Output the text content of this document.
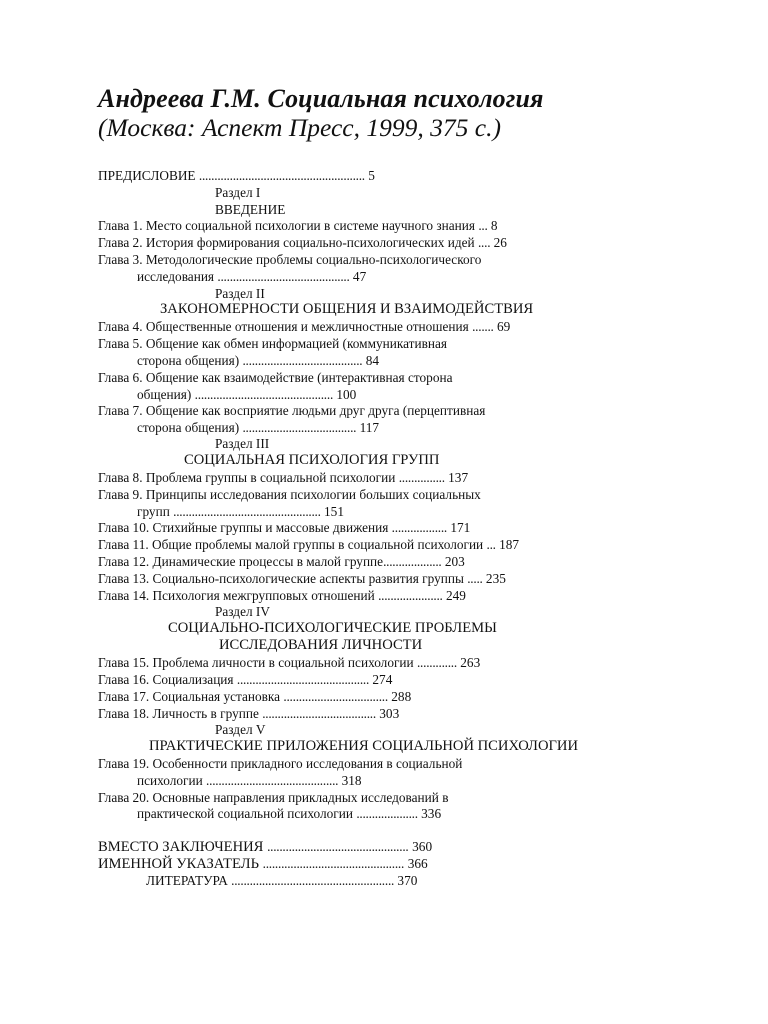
Андреева Г.М. Социальная психология
(Москва: Аспект Пресс, 1999, 375 с.)
ПРЕДИСЛОВИЕ ...................................................... 5
Раздел I
ВВЕДЕНИЕ
Глава 1. Место социальной психологии в системе научного знания ... 8
Глава 2. История формирования социально-психологических идей .... 26
Глава 3. Методологические проблемы социально-психологического
исследования ........................................... 47
Раздел II
ЗАКОНОМЕРНОСТИ ОБЩЕНИЯ И ВЗАИМОДЕЙСТВИЯ
Глава 4. Общественные отношения и межличностные отношения ....... 69
Глава 5. Общение как обмен информацией (коммуникативная
сторона общения) ....................................... 84
Глава 6. Общение как взаимодействие (интерактивная сторона
общения) ............................................. 100
Глава 7. Общение как восприятие людьми друг друга (перцептивная
сторона общения) ..................................... 117
Раздел III
СОЦИАЛЬНАЯ ПСИХОЛОГИЯ ГРУПП
Глава 8. Проблема группы в социальной психологии ............... 137
Глава 9. Принципы исследования психологии больших социальных
групп ................................................ 151
Глава 10. Стихийные группы и массовые движения .................. 171
Глава 11. Общие проблемы малой группы в социальной психологии ... 187
Глава 12. Динамические процессы в малой группе................... 203
Глава 13. Социально-психологические аспекты развития группы ..... 235
Глава 14. Психология межгрупповых отношений ..................... 249
Раздел IV
СОЦИАЛЬНО-ПСИХОЛОГИЧЕСКИЕ ПРОБЛЕМЫ
ИССЛЕДОВАНИЯ ЛИЧНОСТИ
Глава 15. Проблема личности в социальной психологии ............. 263
Глава 16. Социализация ........................................... 274
Глава 17. Социальная установка .................................. 288
Глава 18. Личность в группе ..................................... 303
Раздел V
ПРАКТИЧЕСКИЕ ПРИЛОЖЕНИЯ СОЦИАЛЬНОЙ ПСИХОЛОГИИ
Глава 19. Особенности прикладного исследования в социальной
психологии ........................................... 318
Глава 20. Основные направления прикладных исследований в
практической социальной психологии .................... 336
ВМЕСТО ЗАКЛЮЧЕНИЯ .............................................. 360
ИМЕННОЙ УКАЗАТЕЛЬ .............................................. 366
ЛИТЕРАТУРА ..................................................... 370
